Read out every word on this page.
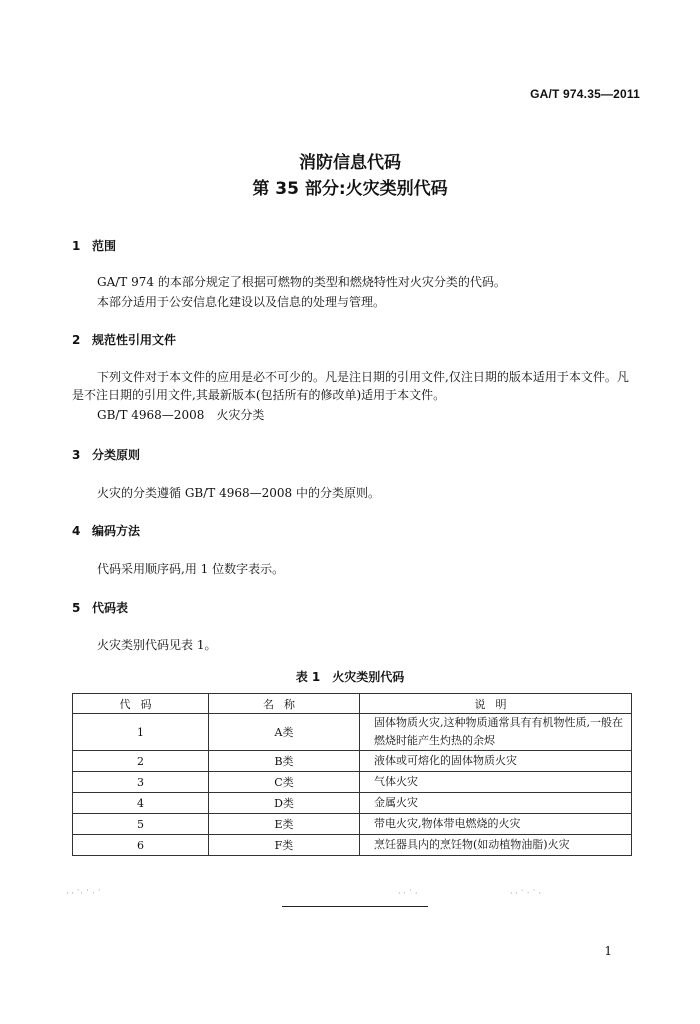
GA/T 974.35—2011
消防信息代码
第 35 部分:火灾类别代码
1 范围
GA/T 974 的本部分规定了根据可燃物的类型和燃烧特性对火灾分类的代码。
本部分适用于公安信息化建设以及信息的处理与管理。
2 规范性引用文件
下列文件对于本文件的应用是必不可少的。凡是注日期的引用文件,仅注日期的版本适用于本文件。凡是不注日期的引用文件,其最新版本(包括所有的修改单)适用于本文件。
GB/T 4968—2008　火灾分类
3 分类原则
火灾的分类遵循 GB/T 4968—2008 中的分类原则。
4 编码方法
代码采用顺序码,用 1 位数字表示。
5 代码表
火灾类别代码见表 1。
表 1　火灾类别代码
代码	名称	说明
1	A类	固体物质火灾,这种物质通常具有有机物性质,一般在燃烧时能产生灼热的余烬
2	B类	液体或可熔化的固体物质火灾
3	C类	气体火灾
4	D类	金属火灾
5	E类	带电火灾,物体带电燃烧的火灾
6	F类	烹饪器具内的烹饪物(如动植物油脂)火灾
· · ˙ˑ ˙ ˑ ˙	· ˑ ˙ ·	· · ˙ ˑ ˙ ·
1
